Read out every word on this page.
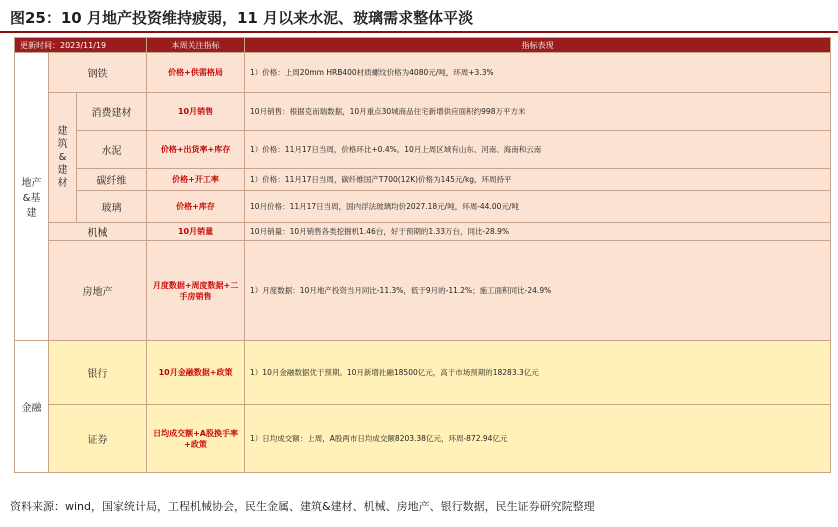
图25：10 月地产投资维持疲弱，11 月以来水泥、玻璃需求整体平淡
更新时间：2023/11/19			本周关注指标	指标表现
地产&基建	钢铁		价格+供需格局	1）价格：上周20mm HRB400材质螺纹价格为4080元/吨，环周+3.3%

	建筑&建材	消费建材	10月销售	10月销售：根据克而瑞数据，10月重点30城商品住宅新增供应面积约998万平方米

		水泥	价格+出货率+库存	1）价格：11月17日当周，价格环比+0.4%。10月上周区域有山东、河南、海南和云南

		碳纤维	价格+开工率	1）价格：11月17日当周，碳纤维国产T700(12K)价格为145元/kg，环周持平

		玻璃	价格+库存	10月价格：11月17日当周，国内浮法玻璃均价2027.18元/吨，环周-44.00元/吨

	机械		10月销量	10月销量：10月销售各类挖掘机1.46台，好于预期的1.33万台，同比-28.9%

	房地产		月度数据+周度数据+二手房销售	1）月度数据：10月地产投资当月同比-11.3%，低于9月的-11.2%；施工面积同比-24.9%

金融	银行		10月金融数据+政策	1）10月金融数据优于预期。10月新增社融18500亿元，高于市场预期的18283.3亿元

	证券		日均成交额+A股换手率+政策	1）日均成交额：上周，A股两市日均成交额8203.38亿元，环周-872.94亿元
资料来源：wind，国家统计局，工程机械协会，民生金属、建筑&建材、机械、房地产、银行数据，民生证券研究院整理
